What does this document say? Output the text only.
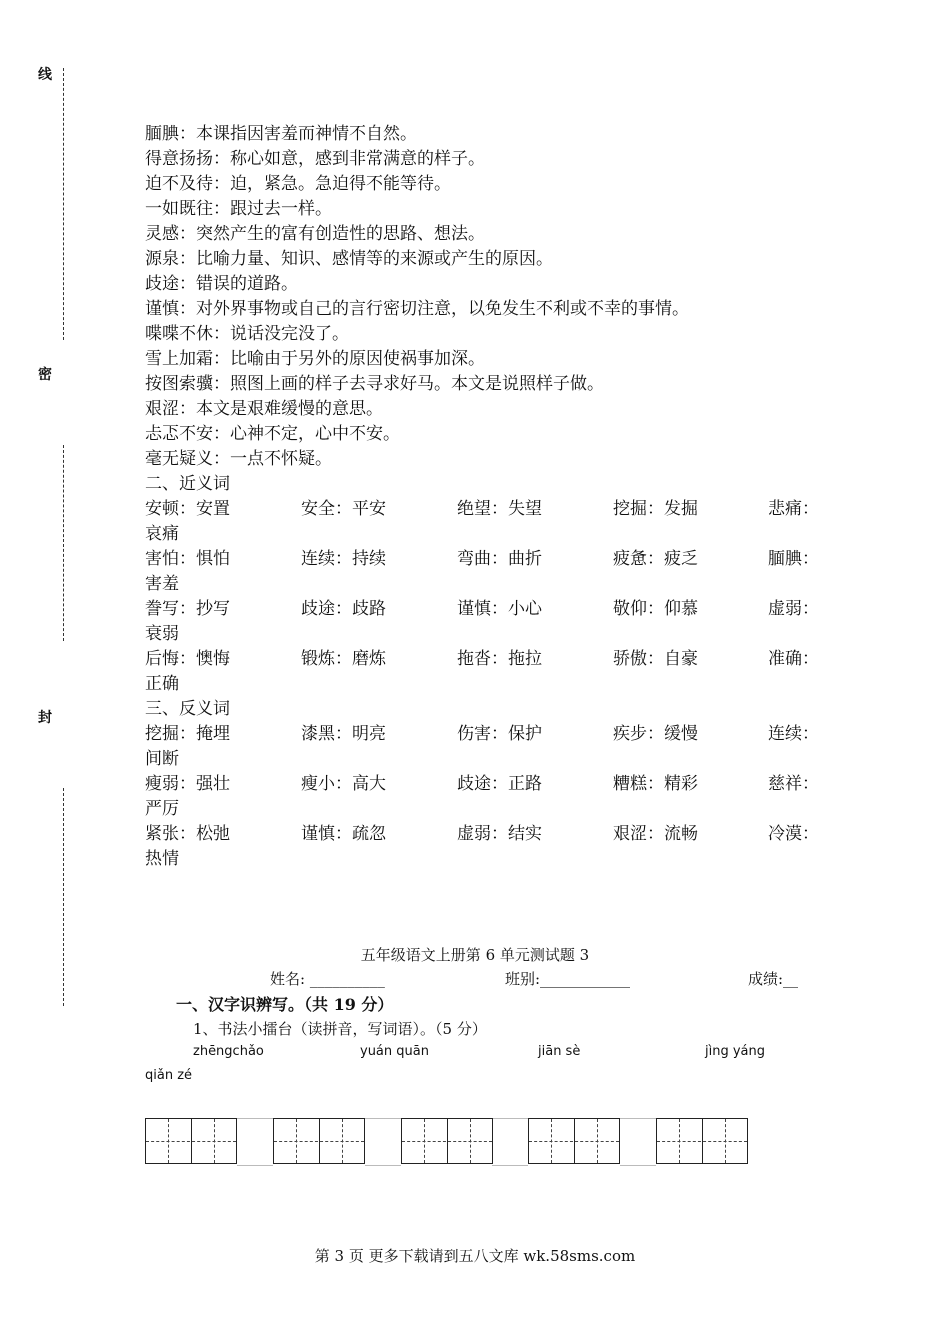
线
密
封
腼腆：本课指因害羞而神情不自然。
得意扬扬：称心如意，感到非常满意的样子。
迫不及待：迫，紧急。急迫得不能等待。
一如既往：跟过去一样。
灵感：突然产生的富有创造性的思路、想法。
源泉：比喻力量、知识、感情等的来源或产生的原因。
歧途：错误的道路。
谨慎：对外界事物或自己的言行密切注意，以免发生不利或不幸的事情。
喋喋不休：说话没完没了。
雪上加霜：比喻由于另外的原因使祸事加深。
按图索骥：照图上画的样子去寻求好马。本文是说照样子做。
艰涩：本文是艰难缓慢的意思。
忐忑不安：心神不定，心中不安。
毫无疑义：一点不怀疑。
二、近义词
安顿：安置	安全：平安	绝望：失望	挖掘：发掘	悲痛：
哀痛
害怕：惧怕	连续：持续	弯曲：曲折	疲惫：疲乏	腼腆：
害羞
誊写：抄写	歧途：歧路	谨慎：小心	敬仰：仰慕	虚弱：
衰弱
后悔：懊悔	锻炼：磨炼	拖沓：拖拉	骄傲：自豪	准确：
正确
三、反义词
挖掘：掩埋	漆黑：明亮	伤害：保护	疾步：缓慢	连续：
间断
瘦弱：强壮	瘦小：高大	歧途：正路	糟糕：精彩	慈祥：
严厉
紧张：松弛	谨慎：疏忽	虚弱：结实	艰涩：流畅	冷漠：
热情
五年级语文上册第 6 单元测试题 3
姓名: __________	班别:____________	成绩:__
一、汉字识辨写。（共 19 分）
1、书法小擂台（读拼音，写词语）。（5 分）
zhēngchǎo	yuán quān	jiān sè	jìng yáng
qiǎn zé
第 3 页 更多下载请到五八文库 wk.58sms.com
